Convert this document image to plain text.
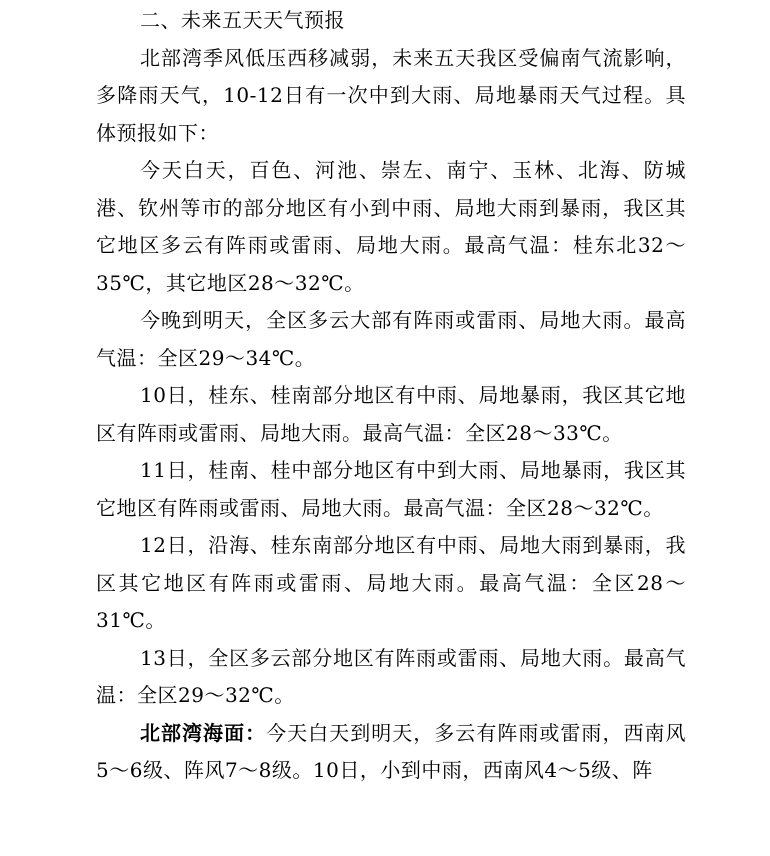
二、未来五天天气预报

北部湾季风低压西移减弱，未来五天我区受偏南气流影响，多降雨天气，10-12日有一次中到大雨、局地暴雨天气过程。具体预报如下：

今天白天，百色、河池、崇左、南宁、玉林、北海、防城港、钦州等市的部分地区有小到中雨、局地大雨到暴雨，我区其它地区多云有阵雨或雷雨、局地大雨。最高气温：桂东北32～35℃，其它地区28～32℃。

今晚到明天，全区多云大部有阵雨或雷雨、局地大雨。最高气温：全区29～34℃。

10日，桂东、桂南部分地区有中雨、局地暴雨，我区其它地区有阵雨或雷雨、局地大雨。最高气温：全区28～33℃。

11日，桂南、桂中部分地区有中到大雨、局地暴雨，我区其它地区有阵雨或雷雨、局地大雨。最高气温：全区28～32℃。

12日，沿海、桂东南部分地区有中雨、局地大雨到暴雨，我区其它地区有阵雨或雷雨、局地大雨。最高气温：全区28～31℃。

13日，全区多云部分地区有阵雨或雷雨、局地大雨。最高气温：全区29～32℃。

北部湾海面：今天白天到明天，多云有阵雨或雷雨，西南风5～6级、阵风7～8级。10日，小到中雨，西南风4～5级、阵
